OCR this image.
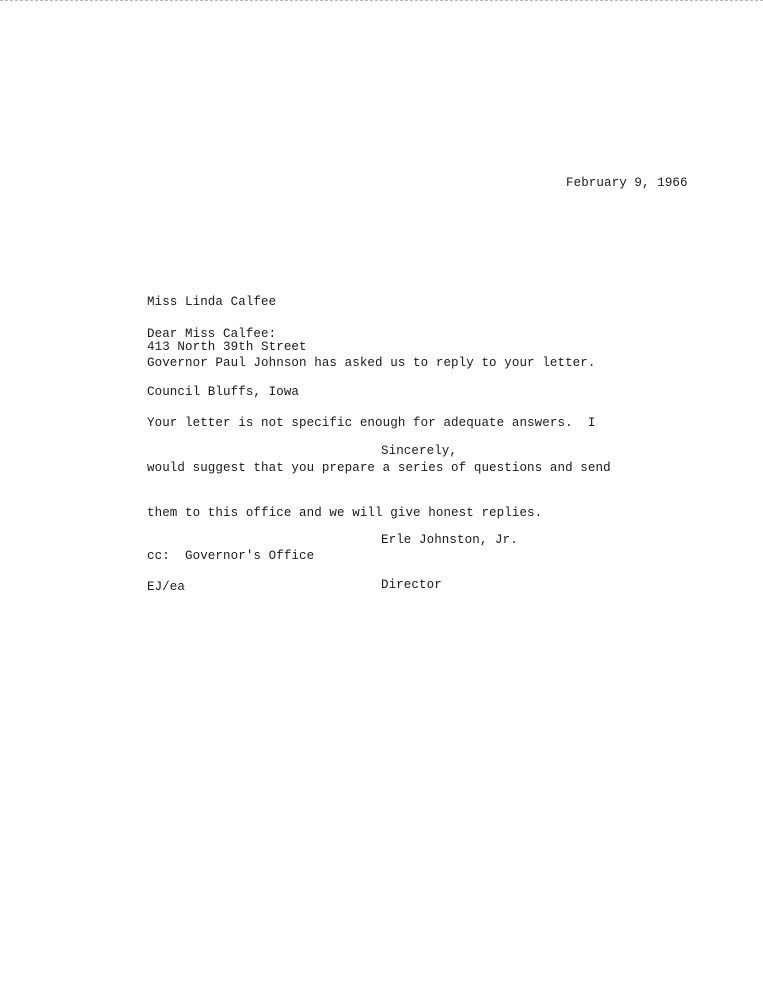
February 9, 1966

Miss Linda Calfee

413 North 39th Street

Council Bluffs, Iowa

Dear Miss Calfee:
Governor Paul Johnson has asked us to reply to your letter.

Your letter is not specific enough for adequate answers.  I

would suggest that you prepare a series of questions and send

them to this office and we will give honest replies.

Sincerely,

Erle Johnston, Jr.

Director

cc:  Governor's Office
EJ/ea
